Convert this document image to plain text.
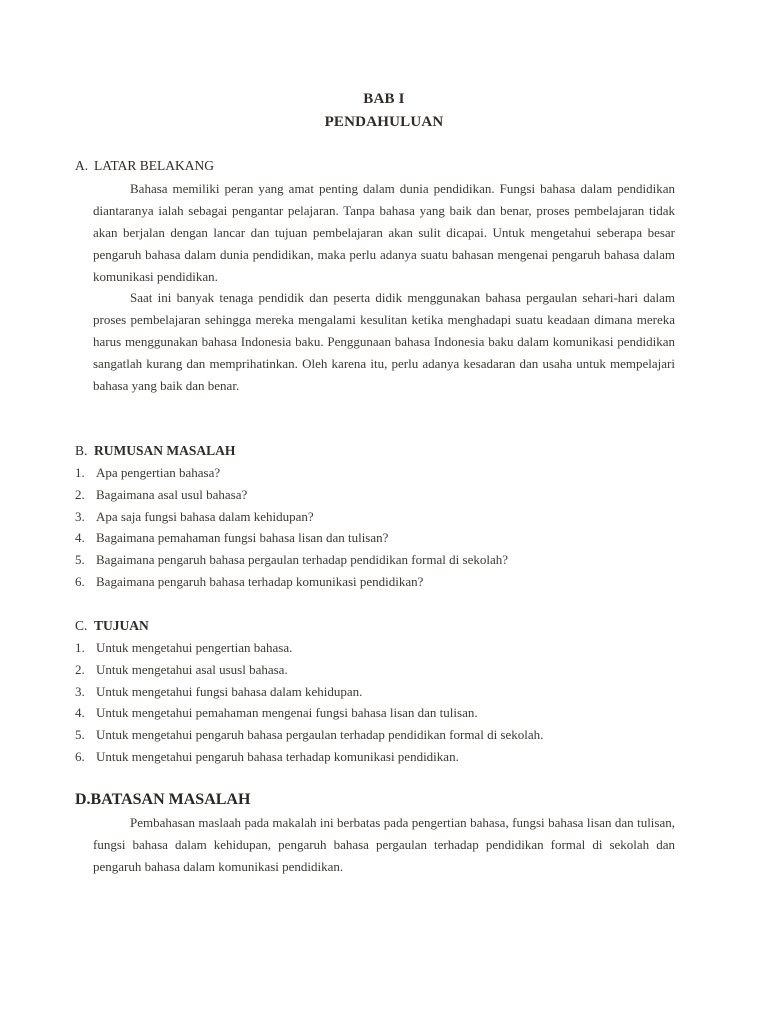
BAB I
PENDAHULUAN
A. LATAR BELAKANG

Bahasa memiliki peran yang amat penting dalam dunia pendidikan. Fungsi bahasa dalam pendidikan diantaranya ialah sebagai pengantar pelajaran. Tanpa bahasa yang baik dan benar, proses pembelajaran tidak akan berjalan dengan lancar dan tujuan pembelajaran akan sulit dicapai. Untuk mengetahui seberapa besar pengaruh bahasa dalam dunia pendidikan, maka perlu adanya suatu bahasan mengenai pengaruh bahasa dalam komunikasi pendidikan.

Saat ini banyak tenaga pendidik dan peserta didik menggunakan bahasa pergaulan sehari-hari dalam proses pembelajaran sehingga mereka mengalami kesulitan ketika menghadapi suatu keadaan dimana mereka harus menggunakan bahasa Indonesia baku. Penggunaan bahasa Indonesia baku dalam komunikasi pendidikan sangatlah kurang dan memprihatinkan. Oleh karena itu, perlu adanya kesadaran dan usaha untuk mempelajari bahasa yang baik dan benar.

B. RUMUSAN MASALAH
1. Apa pengertian bahasa?
2. Bagaimana asal usul bahasa?
3. Apa saja fungsi bahasa dalam kehidupan?
4. Bagaimana pemahaman fungsi bahasa lisan dan tulisan?
5. Bagaimana pengaruh bahasa pergaulan terhadap pendidikan formal di sekolah?
6. Bagaimana pengaruh bahasa terhadap komunikasi pendidikan?
C. TUJUAN
1. Untuk mengetahui pengertian bahasa.
2. Untuk mengetahui asal ususl bahasa.
3. Untuk mengetahui fungsi bahasa dalam kehidupan.
4. Untuk mengetahui pemahaman mengenai fungsi bahasa lisan dan tulisan.
5. Untuk mengetahui pengaruh bahasa pergaulan terhadap pendidikan formal di sekolah.
6. Untuk mengetahui pengaruh bahasa terhadap komunikasi pendidikan.
D.BATASAN MASALAH

Pembahasan maslaah pada makalah ini berbatas pada pengertian bahasa, fungsi bahasa lisan dan tulisan, fungsi bahasa dalam kehidupan, pengaruh bahasa pergaulan terhadap pendidikan formal di sekolah dan pengaruh bahasa dalam komunikasi pendidikan.
